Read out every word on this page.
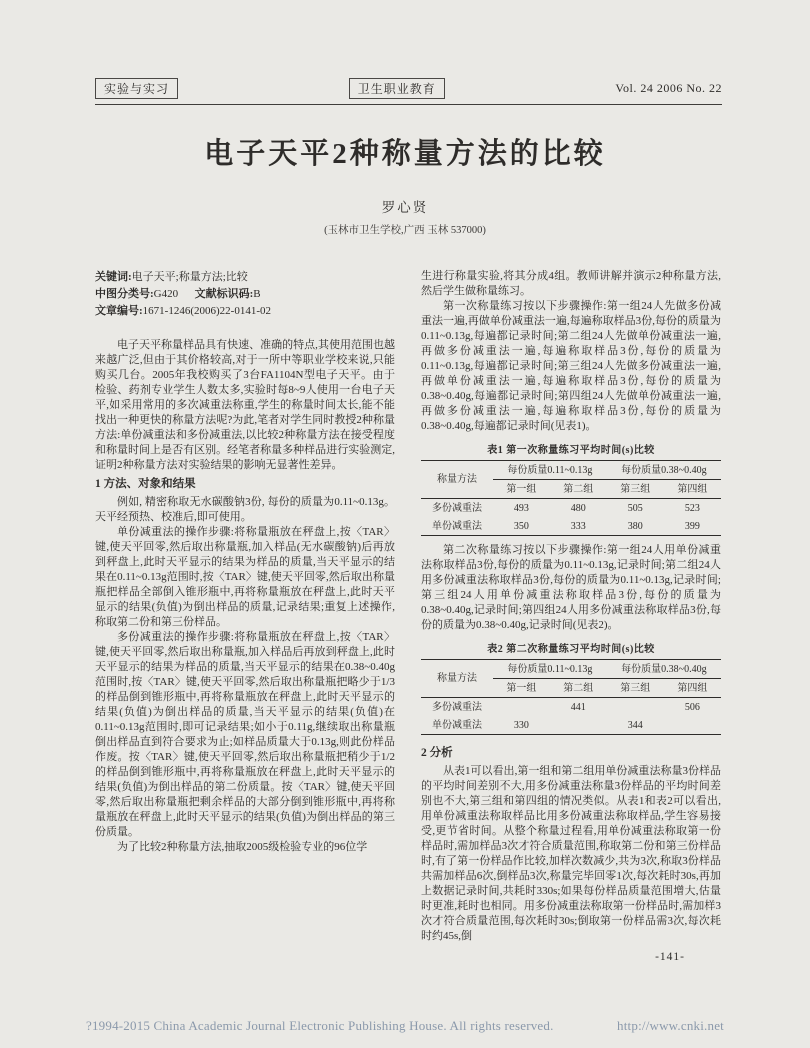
实验与实习	卫生职业教育	Vol. 24 2006 No. 22
电子天平2种称量方法的比较
罗心贤
(玉林市卫生学校,广西 玉林 537000)
关键词:电子天平;称量方法;比较
中图分类号:G420 文献标识码:B
文章编号:1671-1246(2006)22-0141-02

电子天平称量样品具有快速、准确的特点,其使用范围也越来越广泛,但由于其价格较高,对于一所中等职业学校来说,只能购买几台。2005年我校购买了3台FA1104N型电子天平。由于检验、药剂专业学生人数太多,实验时每8~9人使用一台电子天平,如采用常用的多次减重法称重,学生的称量时间太长,能不能找出一种更快的称量方法呢?为此,笔者对学生同时教授2种称量方法:单份减重法和多份减重法,以比较2种称量方法在接受程度和称量时间上是否有区别。经笔者称量多种样品进行实验测定,证明2种称量方法对实验结果的影响无显著性差异。

1 方法、对象和结果

例如, 精密称取无水碳酸钠3份, 每份的质量为0.11~0.13g。天平经预热、校准后,即可使用。

单份减重法的操作步骤:将称量瓶放在秤盘上,按〈TAR〉键,使天平回零,然后取出称量瓶,加入样品(无水碳酸钠)后再放到秤盘上,此时天平显示的结果为样品的质量,当天平显示的结果在0.11~0.13g范围时,按〈TAR〉键,使天平回零,然后取出称量瓶把样品全部倒入锥形瓶中,再将称量瓶放在秤盘上,此时天平显示的结果(负值)为倒出样品的质量,记录结果;重复上述操作,称取第二份和第三份样品。

多份减重法的操作步骤:将称量瓶放在秤盘上,按〈TAR〉键,使天平回零,然后取出称量瓶,加入样品后再放到秤盘上,此时天平显示的结果为样品的质量,当天平显示的结果在0.38~0.40g范围时,按〈TAR〉键,使天平回零,然后取出称量瓶把略少于1/3的样品倒到锥形瓶中,再将称量瓶放在秤盘上,此时天平显示的结果(负值)为倒出样品的质量,当天平显示的结果(负值)在0.11~0.13g范围时,即可记录结果;如小于0.11g,继续取出称量瓶倒出样品直到符合要求为止;如样品质量大于0.13g,则此份样品作废。按〈TAR〉键,使天平回零,然后取出称量瓶把稍少于1/2的样品倒到锥形瓶中,再将称量瓶放在秤盘上,此时天平显示的结果(负值)为倒出样品的第二份质量。按〈TAR〉键,使天平回零,然后取出称量瓶把剩余样品的大部分倒到锥形瓶中,再将称量瓶放在秤盘上,此时天平显示的结果(负值)为倒出样品的第三份质量。

为了比较2种称量方法,抽取2005级检验专业的96位学

生进行称量实验,将其分成4组。教师讲解并演示2种称量方法,然后学生做称量练习。

第一次称量练习按以下步骤操作:第一组24人先做多份减重法一遍,再做单份减重法一遍,每遍称取样品3份,每份的质量为0.11~0.13g,每遍都记录时间;第二组24人先做单份减重法一遍,再做多份减重法一遍,每遍称取样品3份,每份的质量为0.11~0.13g,每遍都记录时间;第三组24人先做多份减重法一遍,再做单份减重法一遍,每遍称取样品3份,每份的质量为0.38~0.40g,每遍都记录时间;第四组24人先做单份减重法一遍,再做多份减重法一遍,每遍称取样品3份,每份的质量为0.38~0.40g,每遍都记录时间(见表1)。

表1 第一次称量练习平均时间(s)比较
称量方法	每份质量0.11~0.13g		每份质量0.38~0.40g	
	第一组	第二组	第三组	第四组
多份减重法	493	480	505	523
单份减重法	350	333	380	399

第二次称量练习按以下步骤操作:第一组24人用单份减重法称取样品3份,每份的质量为0.11~0.13g,记录时间;第二组24人用多份减重法称取样品3份,每份的质量为0.11~0.13g,记录时间;第三组24人用单份减重法称取样品3份,每份的质量为0.38~0.40g,记录时间;第四组24人用多份减重法称取样品3份,每份的质量为0.38~0.40g,记录时间(见表2)。

表2 第二次称量练习平均时间(s)比较
称量方法	每份质量0.11~0.13g		每份质量0.38~0.40g	
	第一组	第二组	第三组	第四组
多份减重法		441		506
单份减重法	330		344	
2 分析

从表1可以看出,第一组和第二组用单份减重法称量3份样品的平均时间差别不大,用多份减重法称量3份样品的平均时间差别也不大,第三组和第四组的情况类似。从表1和表2可以看出,用单份减重法称取样品比用多份减重法称取样品,学生容易接受,更节省时间。从整个称量过程看,用单份减重法称取第一份样品时,需加样品3次才符合质量范围,称取第二份和第三份样品时,有了第一份样品作比较,加样次数减少,共为3次,称取3份样品共需加样品6次,倒样品3次,称量完毕回零1次,每次耗时30s,再加上数据记录时间,共耗时330s;如果每份样品质量范围增大,估量时更准,耗时也相同。用多份减重法称取第一份样品时,需加样3次才符合质量范围,每次耗时30s;倒取第一份样品需3次,每次耗时约45s,倒

-141-
?1994-2015 China Academic Journal Electronic Publishing House. All rights reserved.	http://www.cnki.net
